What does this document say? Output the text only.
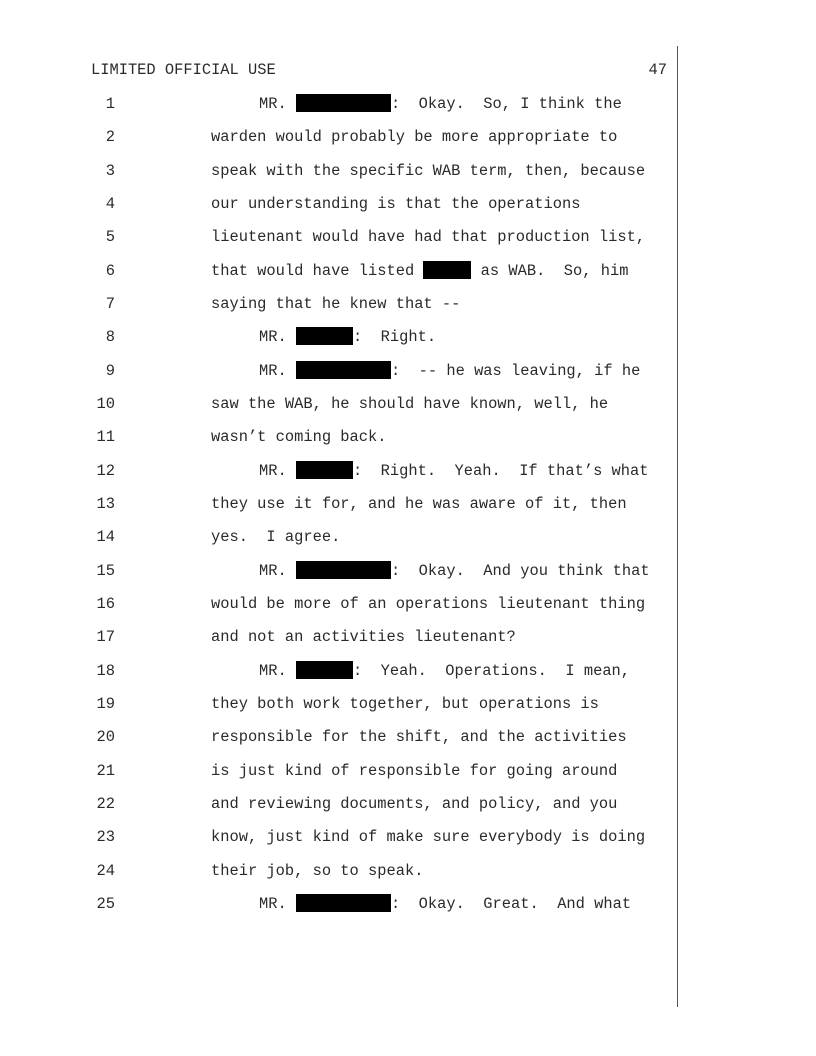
LIMITED OFFICIAL USE	47
1	MR.	:  Okay.  So, I think the
2	warden would probably be more appropriate to
3	speak with the specific WAB term, then, because
4	our understanding is that the operations
5	lieutenant would have had that production list,
6	that would have listed	as WAB.  So, him
7	saying that he knew that --
8	MR.	:  Right.
9	MR.	:  -- he was leaving, if he
10	saw the WAB, he should have known, well, he
11	wasn’t coming back.
12	MR.	:  Right.  Yeah.  If that’s what
13	they use it for, and he was aware of it, then
14	yes.  I agree.
15	MR.	:  Okay.  And you think that
16	would be more of an operations lieutenant thing
17	and not an activities lieutenant?
18	MR.	:  Yeah.  Operations.  I mean,
19	they both work together, but operations is
20	responsible for the shift, and the activities
21	is just kind of responsible for going around
22	and reviewing documents, and policy, and you
23	know, just kind of make sure everybody is doing
24	their job, so to speak.
25	MR.	:  Okay.  Great.  And what
